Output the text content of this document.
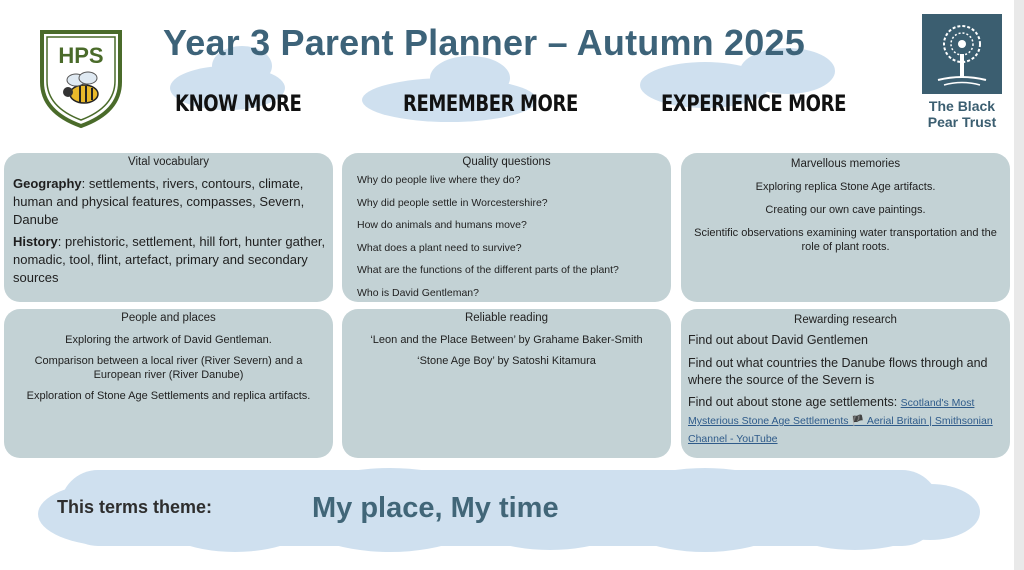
Year 3 Parent Planner – Autumn 2025
HPS
The Black Pear Trust
KNOW MORE	REMEMBER MORE	EXPERIENCE MORE
Vital vocabulary
Geography: settlements, rivers, contours, climate, human and physical features, compasses, Severn, Danube
History: prehistoric, settlement, hill fort, hunter gather, nomadic, tool, flint, artefact, primary and secondary sources
Quality questions
Why do people live where they do?
Why did people settle in Worcestershire?
How do animals and humans move?
What does a plant need to survive?
What are the functions of the different parts of the plant?
Who is David Gentleman?
Marvellous memories
Exploring replica Stone Age artifacts.
Creating our own cave paintings.
Scientific observations examining water transportation and the role of plant roots.
People and places
Exploring the artwork of David Gentleman.
Comparison between a local river (River Severn) and a European river (River Danube)
Exploration of Stone Age Settlements and replica artifacts.
Reliable reading
‘Leon and the Place Between’ by Grahame Baker-Smith
‘Stone Age Boy’ by Satoshi Kitamura
Rewarding research
Find out about David Gentlemen
Find out what countries the Danube flows through and where the source of the Severn is
Find out about stone age settlements: Scotland's Most Mysterious Stone Age Settlements 🏴 Aerial Britain | Smithsonian Channel - YouTube
This terms theme:	My place, My time
